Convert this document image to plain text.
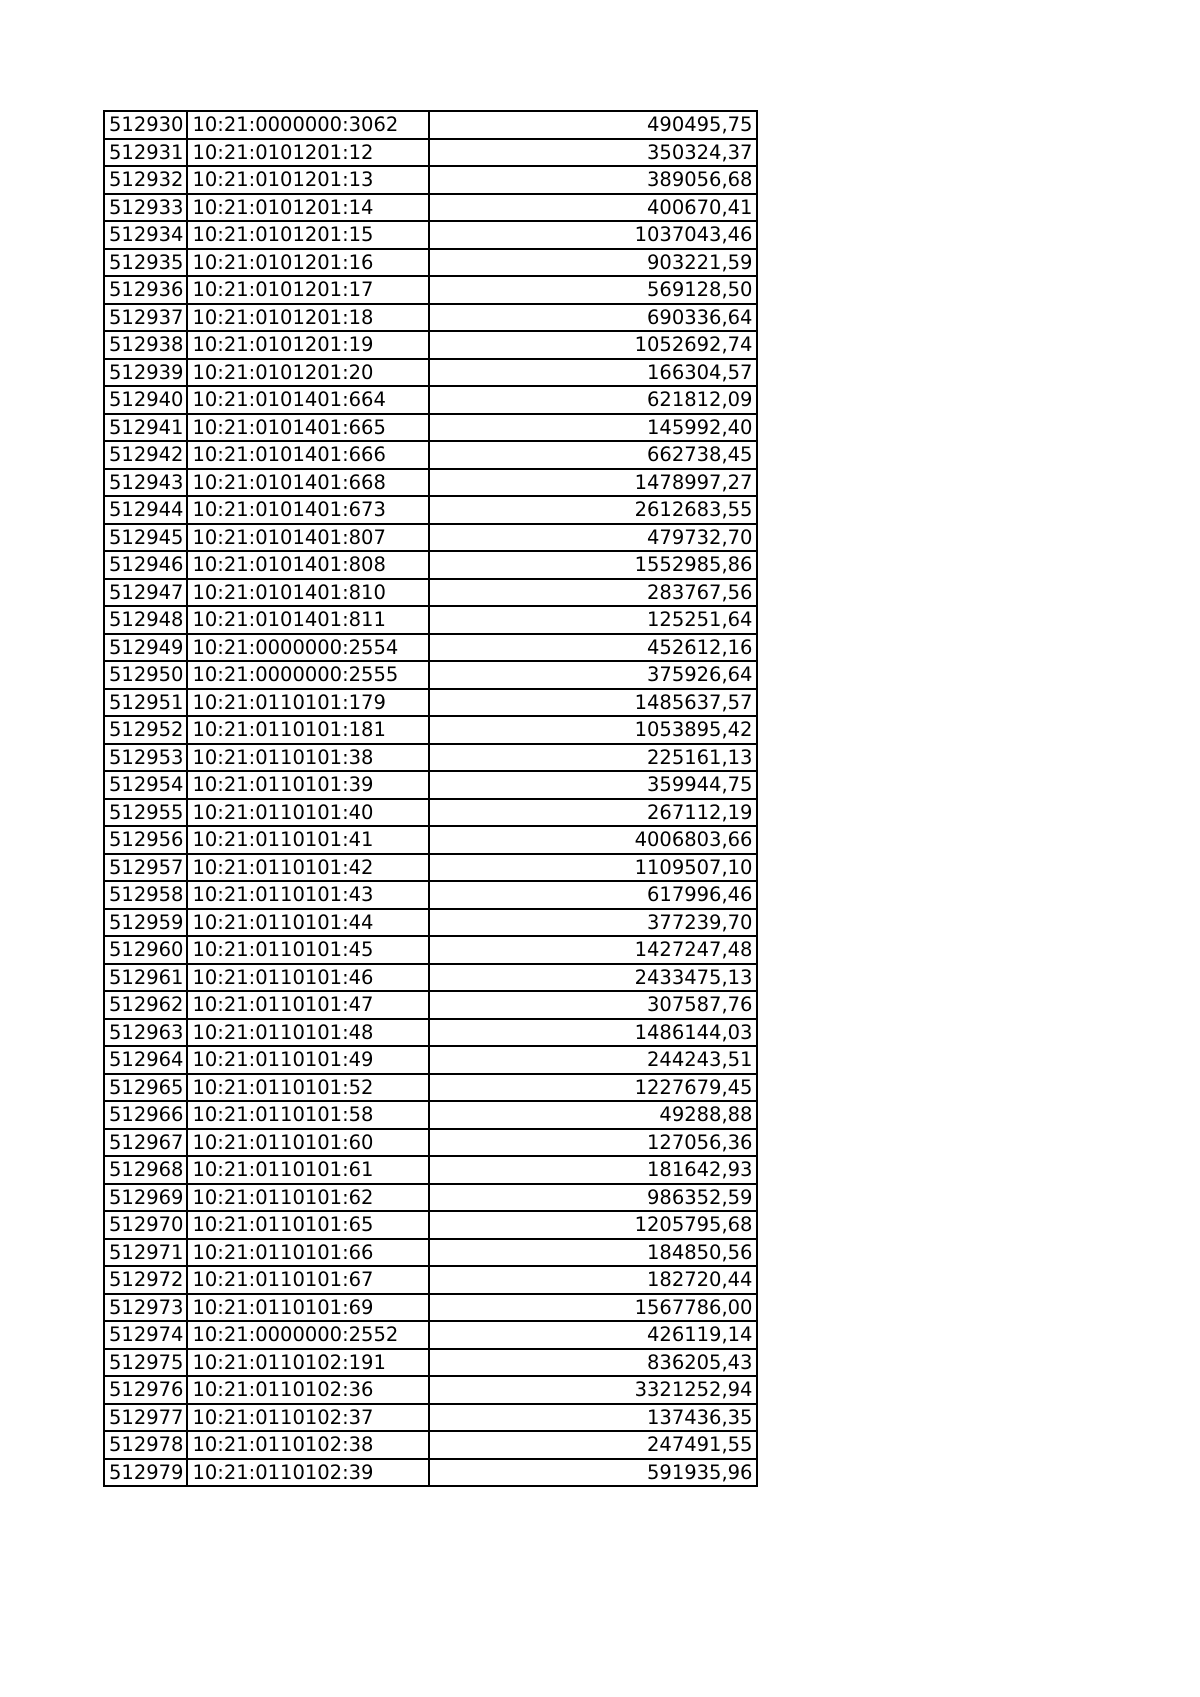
512930	10:21:0000000:3062	490495,75
512931	10:21:0101201:12	350324,37
512932	10:21:0101201:13	389056,68
512933	10:21:0101201:14	400670,41
512934	10:21:0101201:15	1037043,46
512935	10:21:0101201:16	903221,59
512936	10:21:0101201:17	569128,50
512937	10:21:0101201:18	690336,64
512938	10:21:0101201:19	1052692,74
512939	10:21:0101201:20	166304,57
512940	10:21:0101401:664	621812,09
512941	10:21:0101401:665	145992,40
512942	10:21:0101401:666	662738,45
512943	10:21:0101401:668	1478997,27
512944	10:21:0101401:673	2612683,55
512945	10:21:0101401:807	479732,70
512946	10:21:0101401:808	1552985,86
512947	10:21:0101401:810	283767,56
512948	10:21:0101401:811	125251,64
512949	10:21:0000000:2554	452612,16
512950	10:21:0000000:2555	375926,64
512951	10:21:0110101:179	1485637,57
512952	10:21:0110101:181	1053895,42
512953	10:21:0110101:38	225161,13
512954	10:21:0110101:39	359944,75
512955	10:21:0110101:40	267112,19
512956	10:21:0110101:41	4006803,66
512957	10:21:0110101:42	1109507,10
512958	10:21:0110101:43	617996,46
512959	10:21:0110101:44	377239,70
512960	10:21:0110101:45	1427247,48
512961	10:21:0110101:46	2433475,13
512962	10:21:0110101:47	307587,76
512963	10:21:0110101:48	1486144,03
512964	10:21:0110101:49	244243,51
512965	10:21:0110101:52	1227679,45
512966	10:21:0110101:58	49288,88
512967	10:21:0110101:60	127056,36
512968	10:21:0110101:61	181642,93
512969	10:21:0110101:62	986352,59
512970	10:21:0110101:65	1205795,68
512971	10:21:0110101:66	184850,56
512972	10:21:0110101:67	182720,44
512973	10:21:0110101:69	1567786,00
512974	10:21:0000000:2552	426119,14
512975	10:21:0110102:191	836205,43
512976	10:21:0110102:36	3321252,94
512977	10:21:0110102:37	137436,35
512978	10:21:0110102:38	247491,55
512979	10:21:0110102:39	591935,96
